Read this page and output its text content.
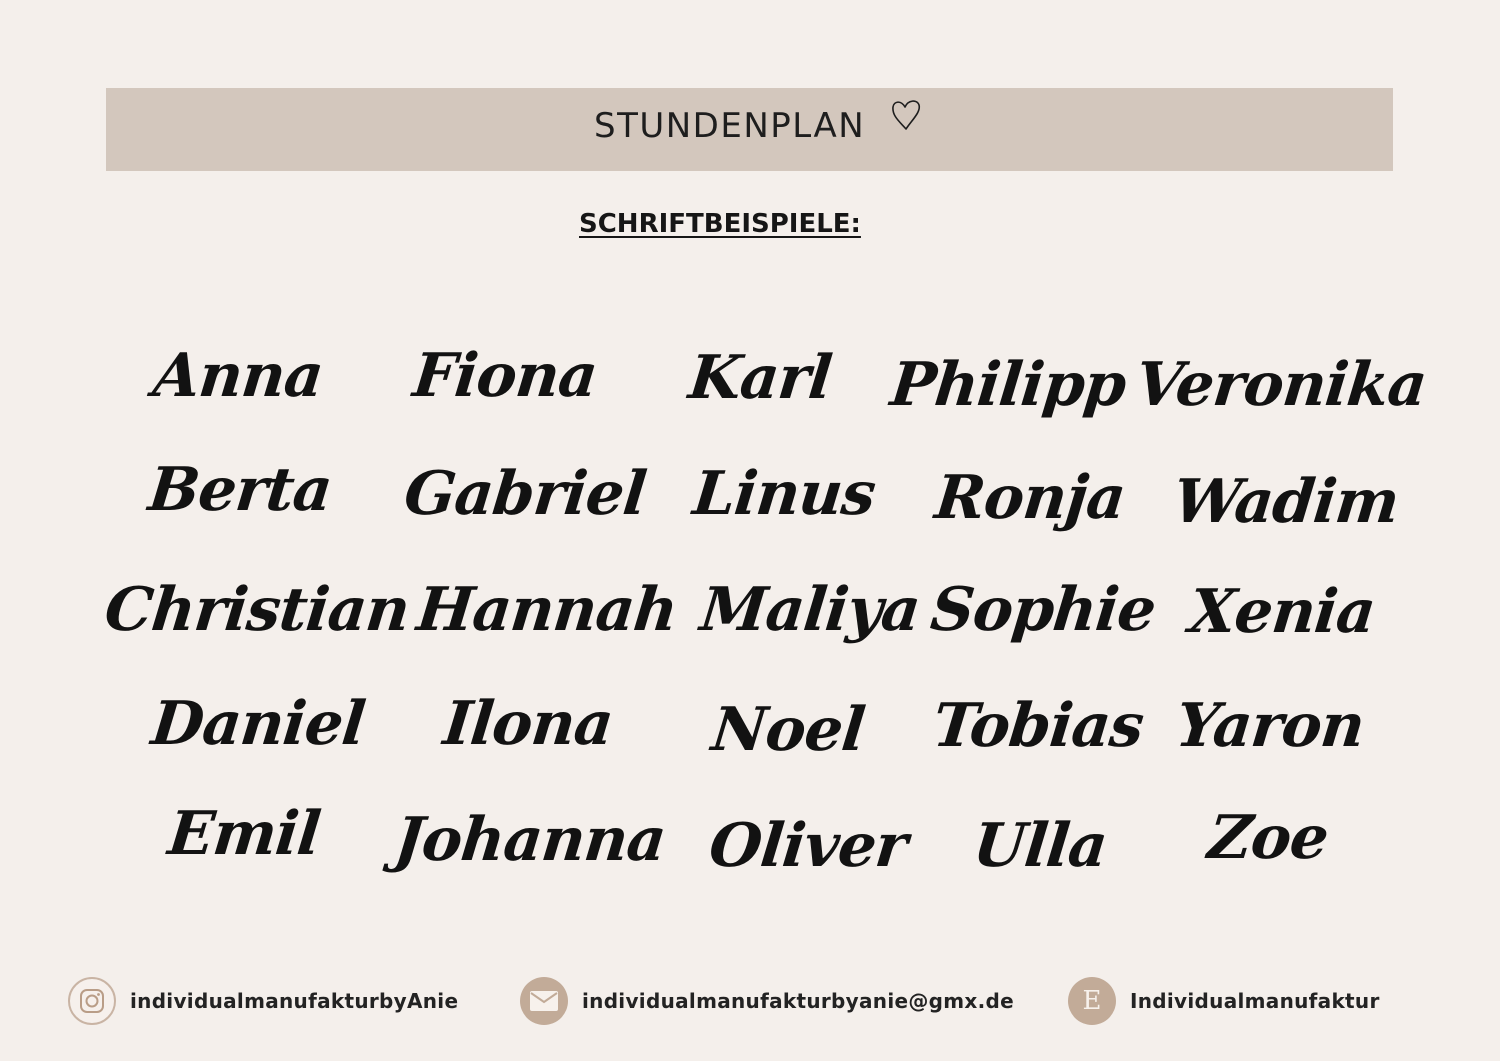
STUNDENPLAN
SCHRIFTBEISPIELE:
Anna Fiona Karl Philipp Veronika
Berta Gabriel Linus Ronja Wadim
Christian Hannah Maliya Sophie Xenia
Daniel Ilona Noel Tobias Yaron
Emil Johanna Oliver Ulla Zoe
individualmanufakturbyAnie	individualmanufakturbyanie@gmx.de	E	Individualmanufaktur
